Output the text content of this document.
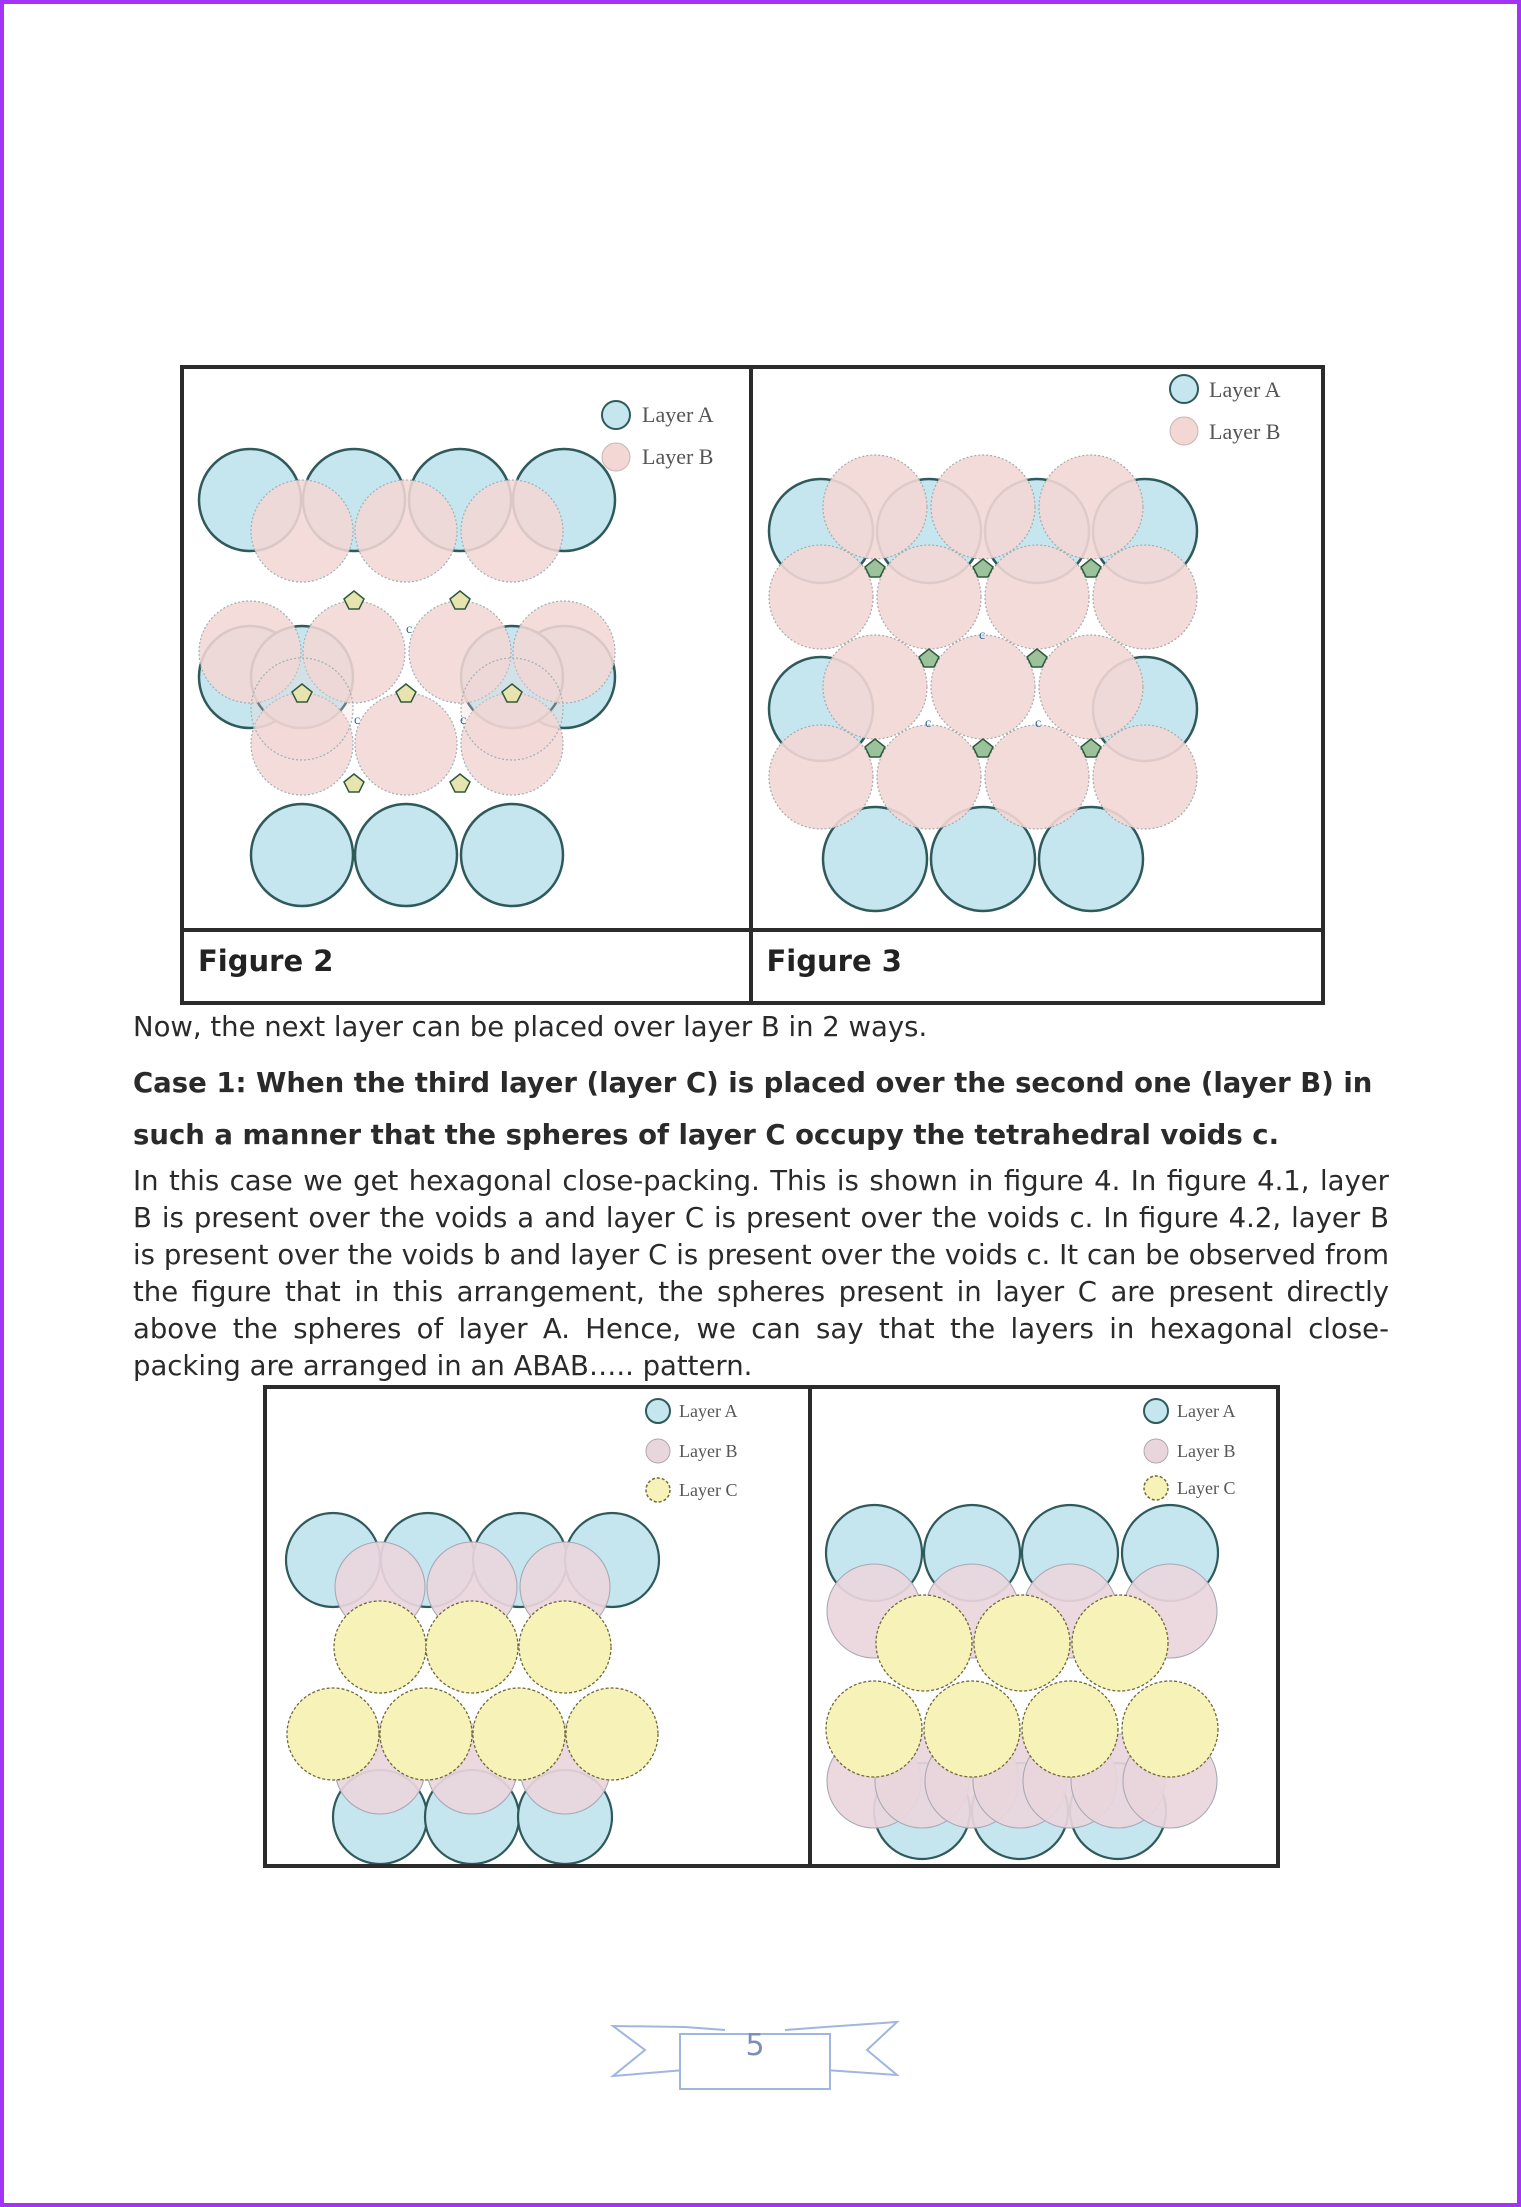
c
c	c
Layer A
Layer B
c
c	c
Layer A
Layer B
Figure 2	Figure 3

Now, the next layer can be placed over layer B in 2 ways.

Case 1: When the third layer (layer C) is placed over the second one (layer B) in such a manner that the spheres of layer C occupy the tetrahedral voids c.

In this case we get hexagonal close-packing. This is shown in figure 4. In figure 4.1, layer B is present over the voids a and layer C is present over the voids c. In figure 4.2, layer B is present over the voids b and layer C is present over the voids c. It can be observed from the figure that in this arrangement, the spheres present in layer C are present directly above the spheres of layer A. Hence, we can say that the layers in hexagonal close-packing are arranged in an ABAB….. pattern.

Layer A
Layer B
Layer C
Layer A
Layer B
Layer C
5
